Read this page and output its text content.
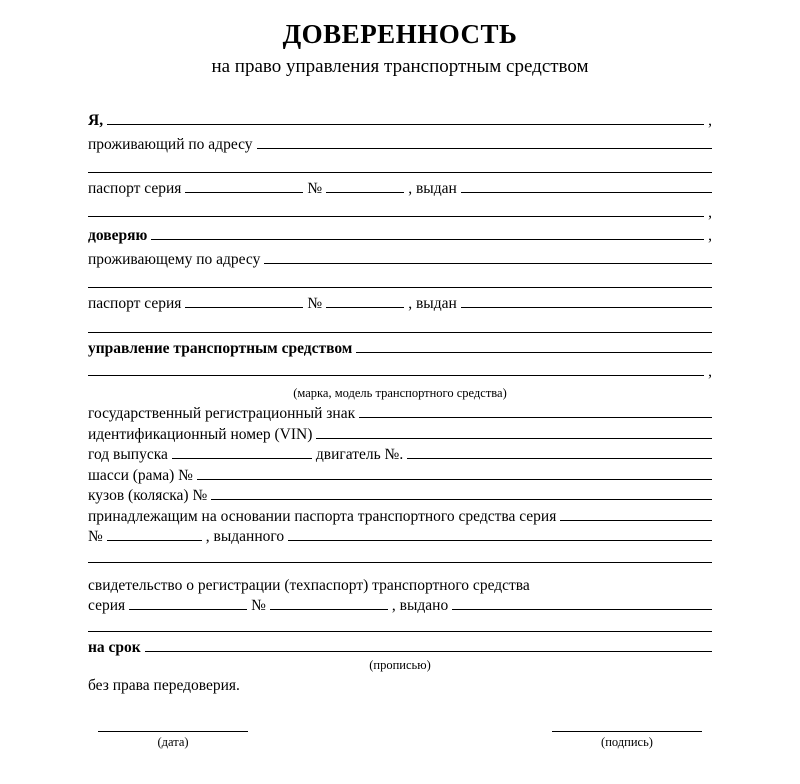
ДОВЕРЕННОСТЬ
на право управления транспортным средством
Я,	,
проживающий по адресу
паспорт серия	№	, выдан
,
доверяю	,
проживающему по адресу
паспорт серия	№	, выдан
управление транспортным средством
,
(марка, модель транспортного средства)
государственный регистрационный знак
идентификационный номер (VIN)
год выпуска	двигатель №.
шасси (рама) №
кузов (коляска) №
принадлежащим на основании паспорта транспортного средства серия
№	, выданного
свидетельство о регистрации (техпаспорт) транспортного средства
серия	№	, выдано
на срок
(прописью)
без права передоверия.
(дата)	(подпись)
